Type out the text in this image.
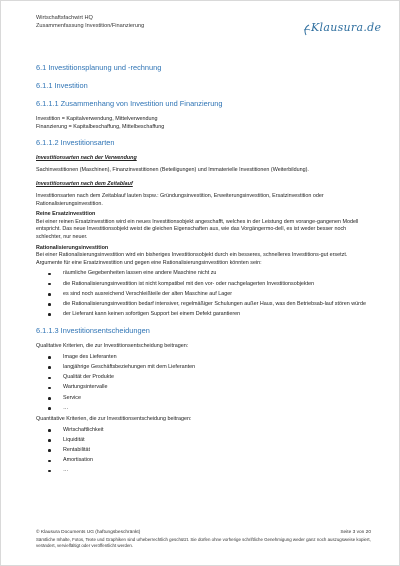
Wirtschaftsfachwirt HQ
Zusammenfassung Investition/Finanzierung	Klausura.de
6.1 Investitionsplanung und -rechnung
6.1.1 Investition
6.1.1.1 Zusammenhang von Investition und Finanzierung

Investition = Kapitalverwendung, Mittelverwendung

Finanzierung = Kapitalbeschaffung, Mittelbeschaffung

6.1.1.2 Investitionsarten

Investitionsarten nach der Verwendung

Sachinvestitionen (Maschinen), Finanzinvestitionen (Beteiligungen) und Immaterielle Investitionen (Weiterbildung).

Investitionsarten nach dem Zeitablauf

Investitionsarten nach dem Zeitablauf lauten bspw.: Gründungsinvestition, Erweiterungsinvestition, Ersatzinvestition oder Rationalisierungsinvestition.

Reine Ersatzinvestition

Bei einer reinen Ersatzinvestition wird ein neues Investitionsobjekt angeschafft, welches in der Leistung dem vorange-gangenen Modell entspricht. Das neue Investitionsobjekt weist die gleichen Eigenschaften aus, wie das Vorgängermo-dell, es ist weder besser noch schlechter, nur neuer.

Rationalisierungsinvestition

Bei einer Rationalisierungsinvestition wird ein bisheriges Investitionsobjekt durch ein besseres, schnelleres Investitions-gut ersetzt.

Argumente für eine Ersatzinvestition und gegen eine Rationalisierungsinvestition könnten sein:

räumliche Gegebenheiten lassen eine andere Maschine nicht zu
die Rationalisierungsinvestition ist nicht kompatibel mit den vor- oder nachgelagerten Investitionsobjekten
es sind noch ausreichend Verschleißteile der alten Maschine auf Lager
die Rationalisierungsinvestition bedarf intensiver, regelmäßiger Schulungen außer Haus, was den Betriebsab-lauf stören würde
der Lieferant kann keinen sofortigen Support bei einem Defekt garantieren
6.1.1.3 Investitionsentscheidungen

Qualitative Kriterien, die zur Investitionsentscheidung beitragen:

Image des Lieferanten
langjährige Geschäftsbeziehungen mit dem Lieferanten
Qualität der Produkte
Wartungsintervalle
Service
…

Quantitative Kriterien, die zur Investitionsentscheidung beitragen:

Wirtschaftlichkeit
Liquidität
Rentabilität
Amortisation
…
© Klausura Documents UG (haftungsbeschränkt)	Seite 3 von 20
Sämtliche Inhalte, Fotos, Texte und Graphiken sind urheberrechtlich geschützt. Sie dürfen ohne vorherige schriftliche Genehmigung weder ganz noch auszugsweise kopiert, verändert, vervielfältigt oder veröffentlicht werden.
